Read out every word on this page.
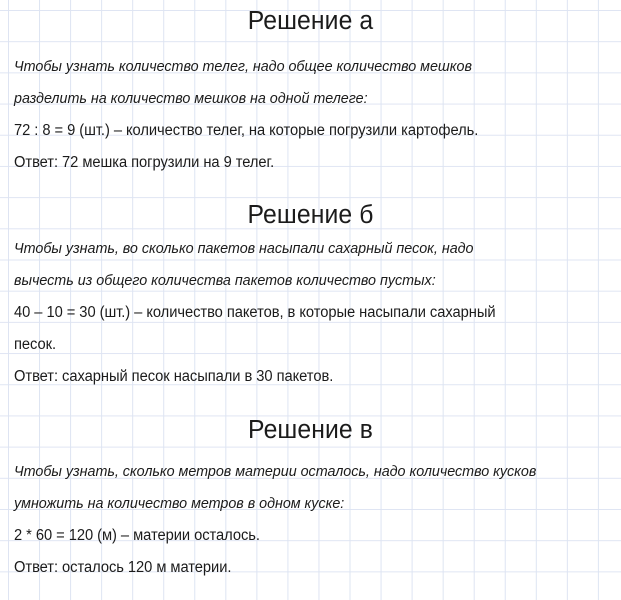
Решение а
Чтобы узнать количество телег, надо общее количество мешков
разделить на количество мешков на одной телеге:
72 : 8 = 9 (шт.) – количество телег, на которые погрузили картофель.
Ответ: 72 мешка погрузили на 9 телег.
Решение б
Чтобы узнать, во сколько пакетов насыпали сахарный песок, надо
вычесть из общего количества пакетов количество пустых:
40 – 10 = 30 (шт.) – количество пакетов, в которые насыпали сахарный
песок.
Ответ: сахарный песок насыпали в 30 пакетов.
Решение в
Чтобы узнать, сколько метров материи осталось, надо количество кусков
умножить на количество метров в одном куске:
2 * 60 = 120 (м) – материи осталось.
Ответ: осталось 120 м материи.
